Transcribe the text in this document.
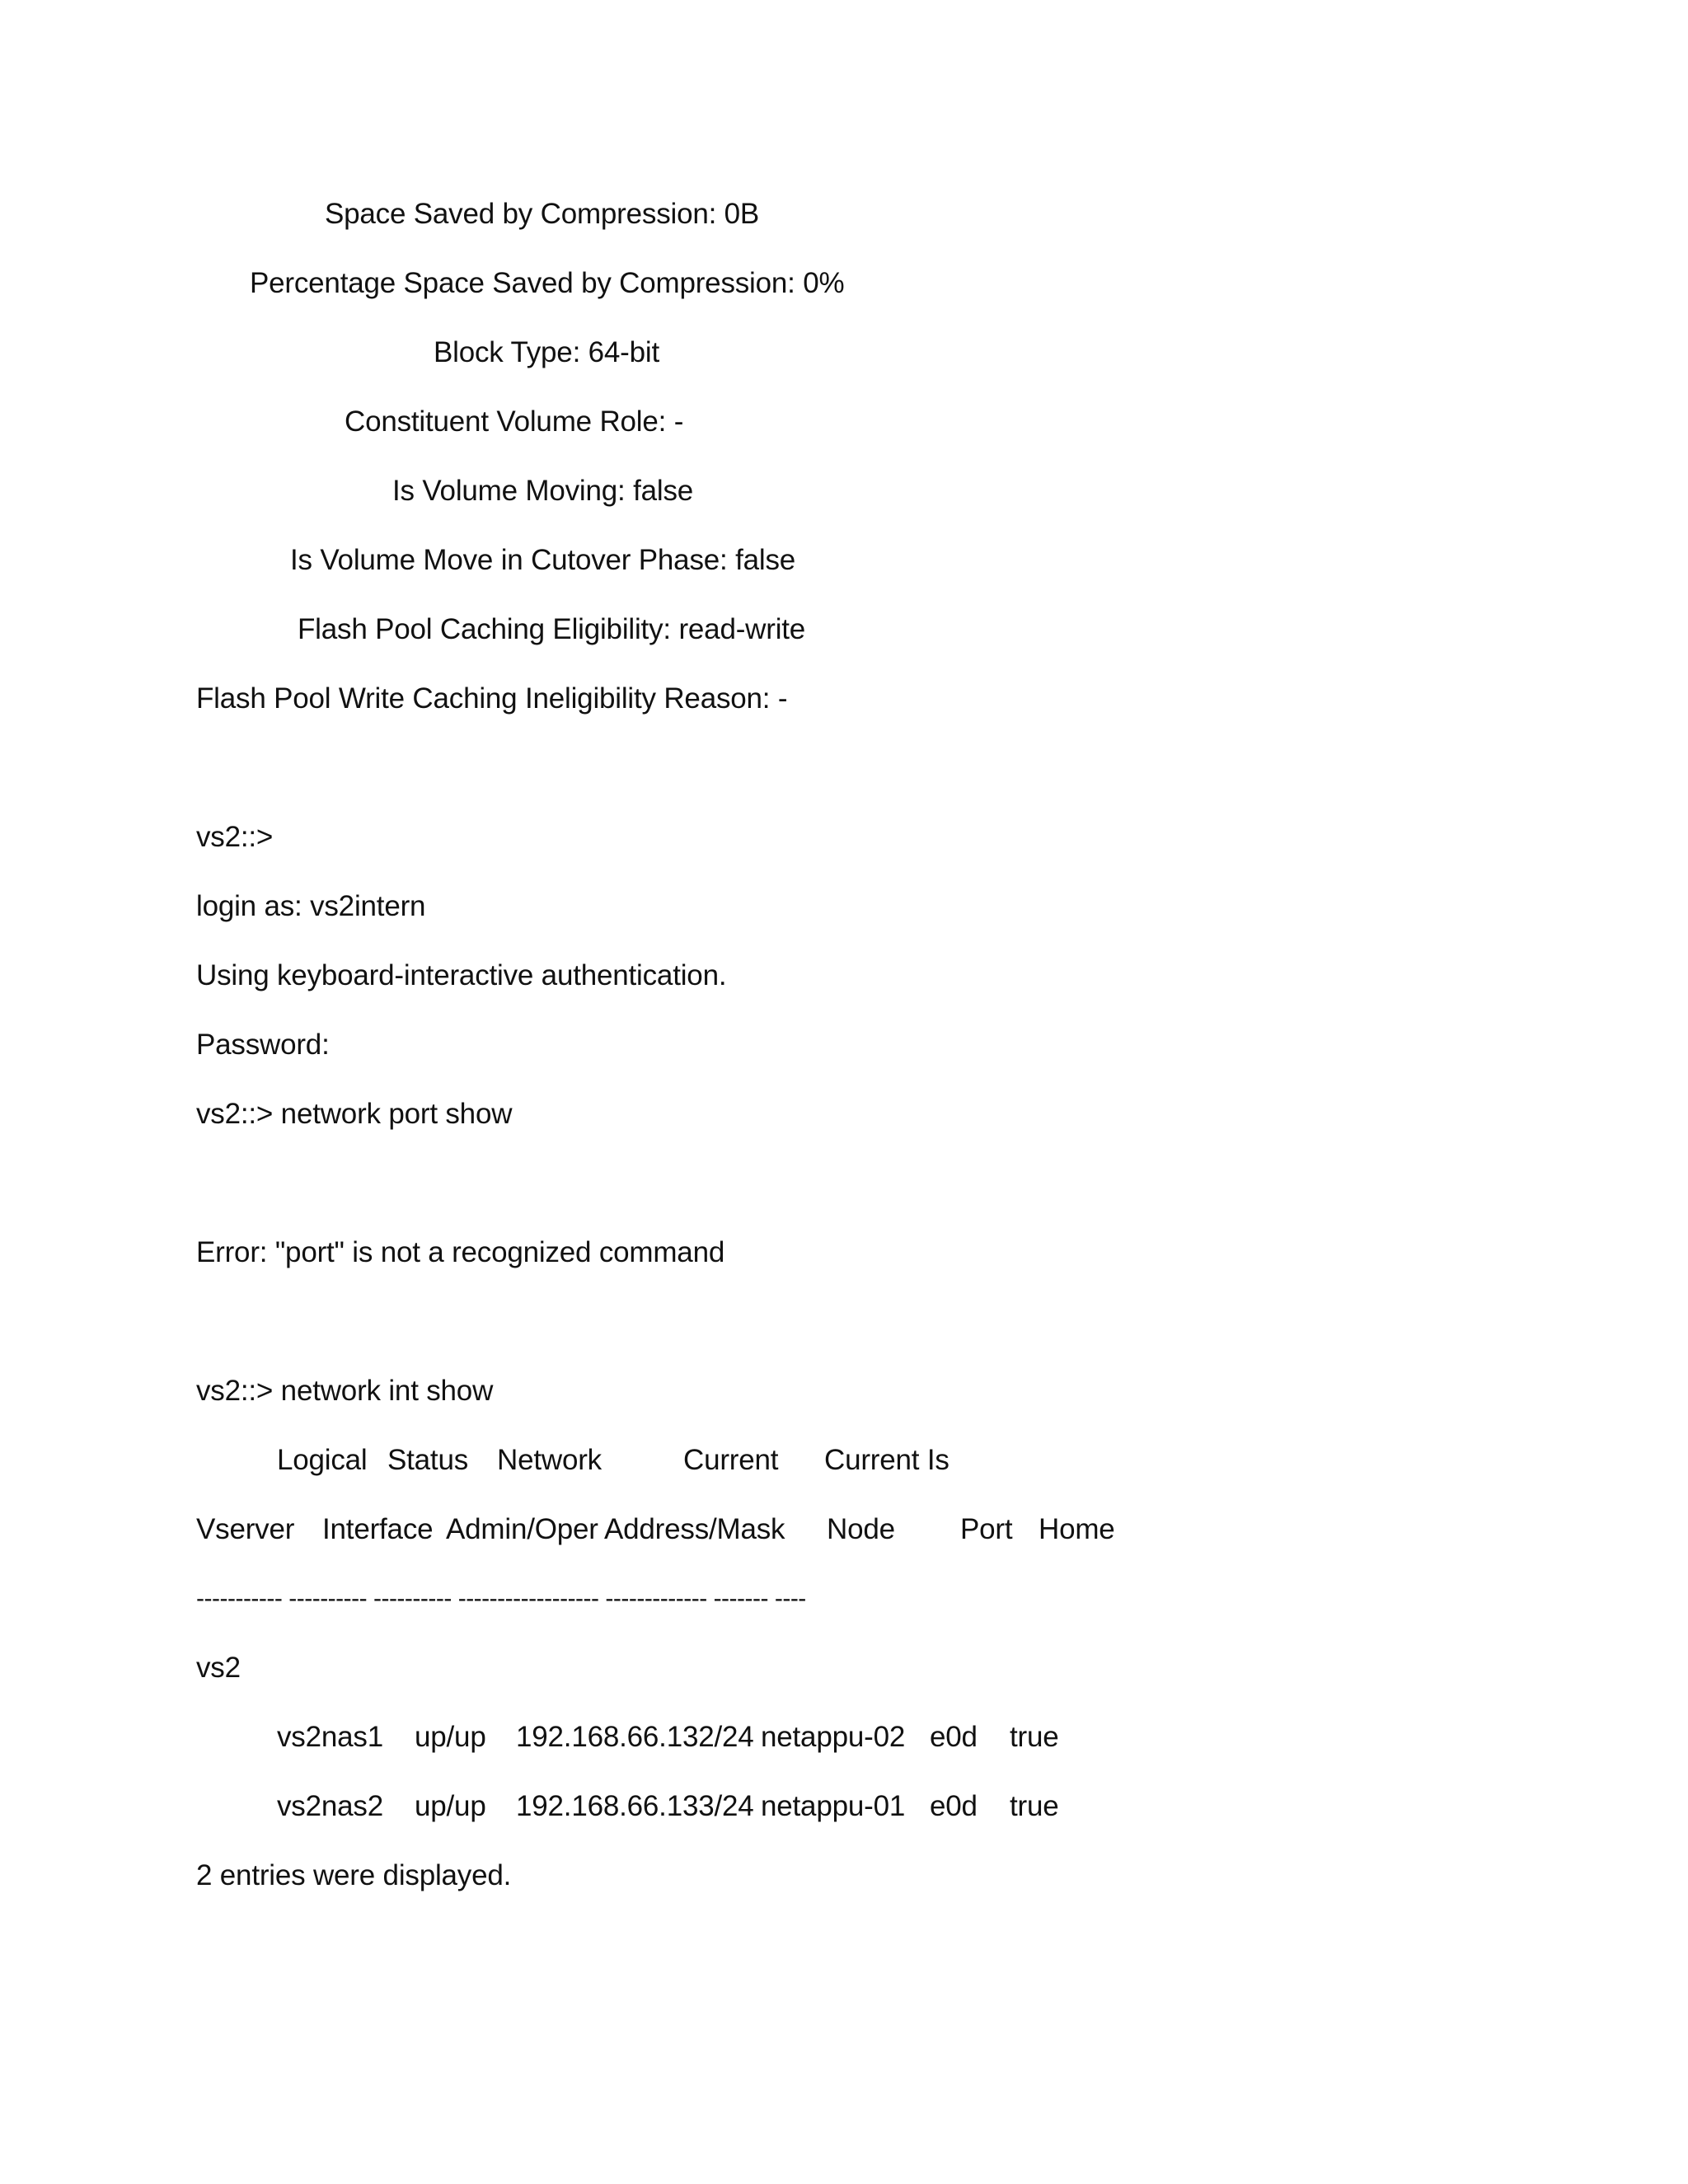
Space Saved by Compression: 0B
Percentage Space Saved by Compression: 0%
Block Type: 64-bit
Constituent Volume Role: -
Is Volume Moving: false
Is Volume Move in Cutover Phase: false
Flash Pool Caching Eligibility: read-write
Flash Pool Write Caching Ineligibility Reason: -
vs2::>
login as: vs2intern
Using keyboard-interactive authentication.
Password:
vs2::> network port show
Error: "port" is not a recognized command
vs2::> network int show
Logical Status Network	Current Current Is
Vserver Interface Admin/Oper Address/Mask Node Port Home
----------- ---------- ---------- ------------------ ------------- ------- ----
vs2
vs2nas1 up/up 192.168.66.132/24 netappu-02 e0d true
vs2nas2 up/up 192.168.66.133/24 netappu-01 e0d true
2 entries were displayed.
